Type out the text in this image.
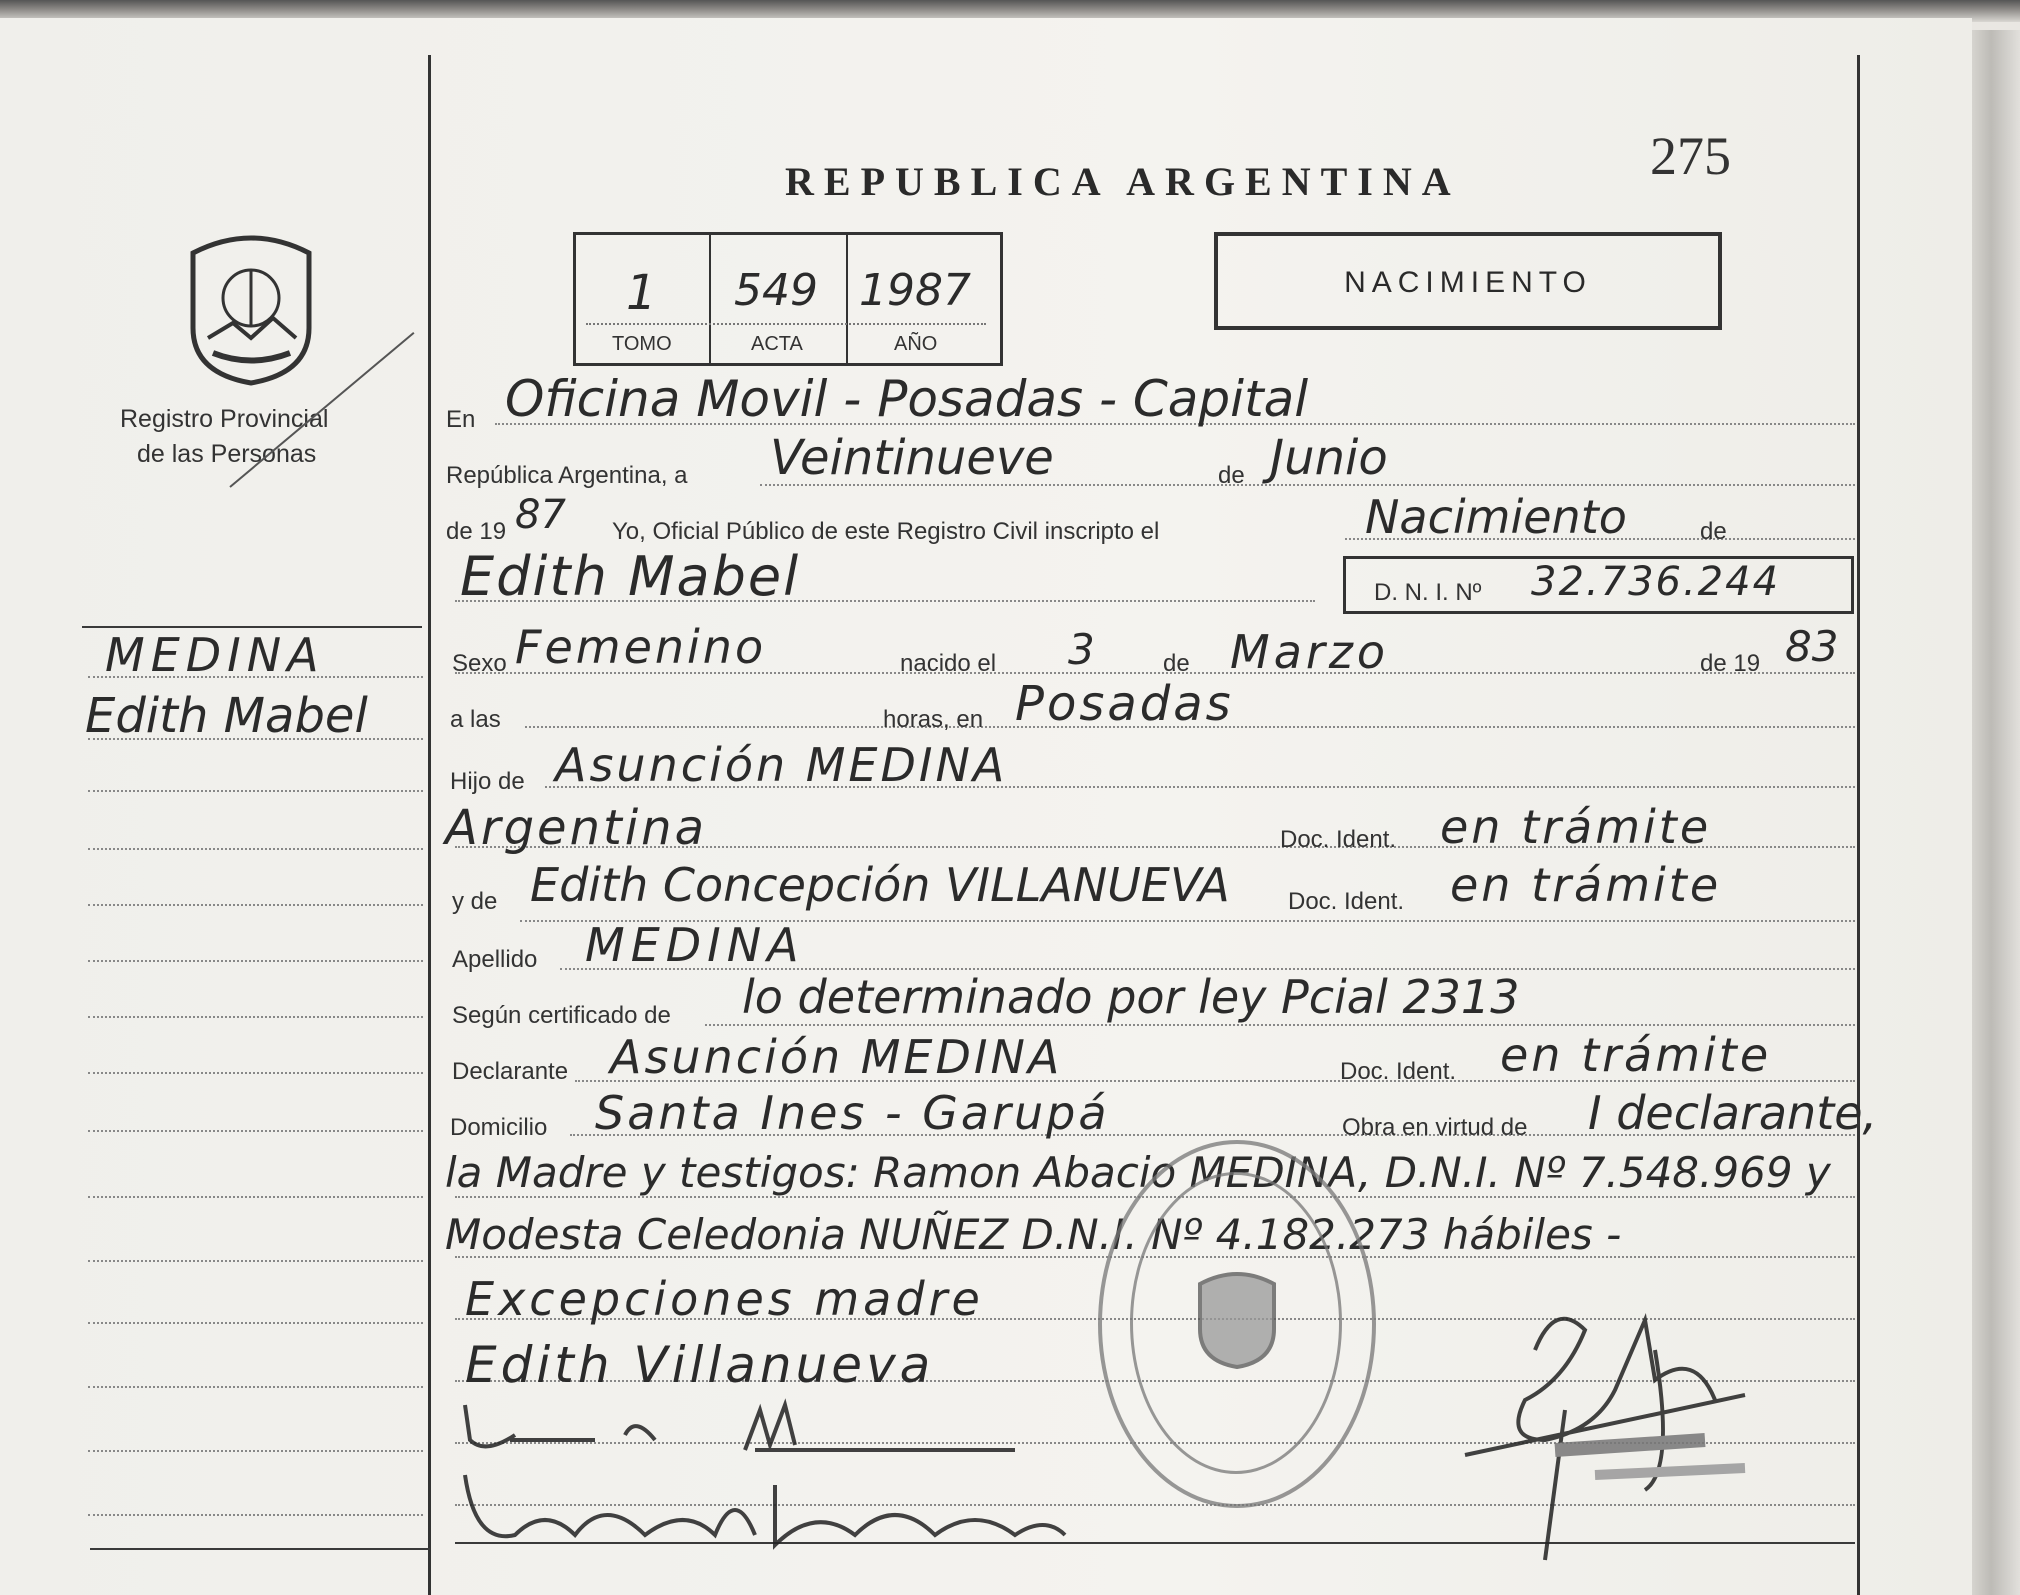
275
REPUBLICA ARGENTINA
NACIMIENTO
1 549 1987
TOMO	ACTA	AÑO
Registro Provincial
de las Personas
MEDINA
Edith Mabel
D. N. I. Nº 32.736.244
En Oficina Movil - Posadas - Capital
República Argentina, a Veintinueve	de Junio
de 19 87 Yo, Oficial Público de este Registro Civil inscripto el	Nacimiento	de
Edith Mabel
Sexo Femenino	nacido el 3	de Marzo	de 19 83
a las	horas, en Posadas
Hijo de Asunción MEDINA
Argentina	Doc. Ident. en trámite
y de Edith Concepción VILLANUEVA Doc. Ident. en trámite
Apellido MEDINA
Según certificado de lo determinado por ley Pcial 2313
Declarante Asunción MEDINA	Doc. Ident. en trámite
Domicilio Santa Ines - Garupá	Obra en virtud de I declarante,
la Madre y testigos: Ramon Abacio MEDINA, D.N.I. Nº 7.548.969 y
Modesta Celedonia NUÑEZ D.N.I. Nº 4.182.273 hábiles -
Excepciones madre
Edith Villanueva
